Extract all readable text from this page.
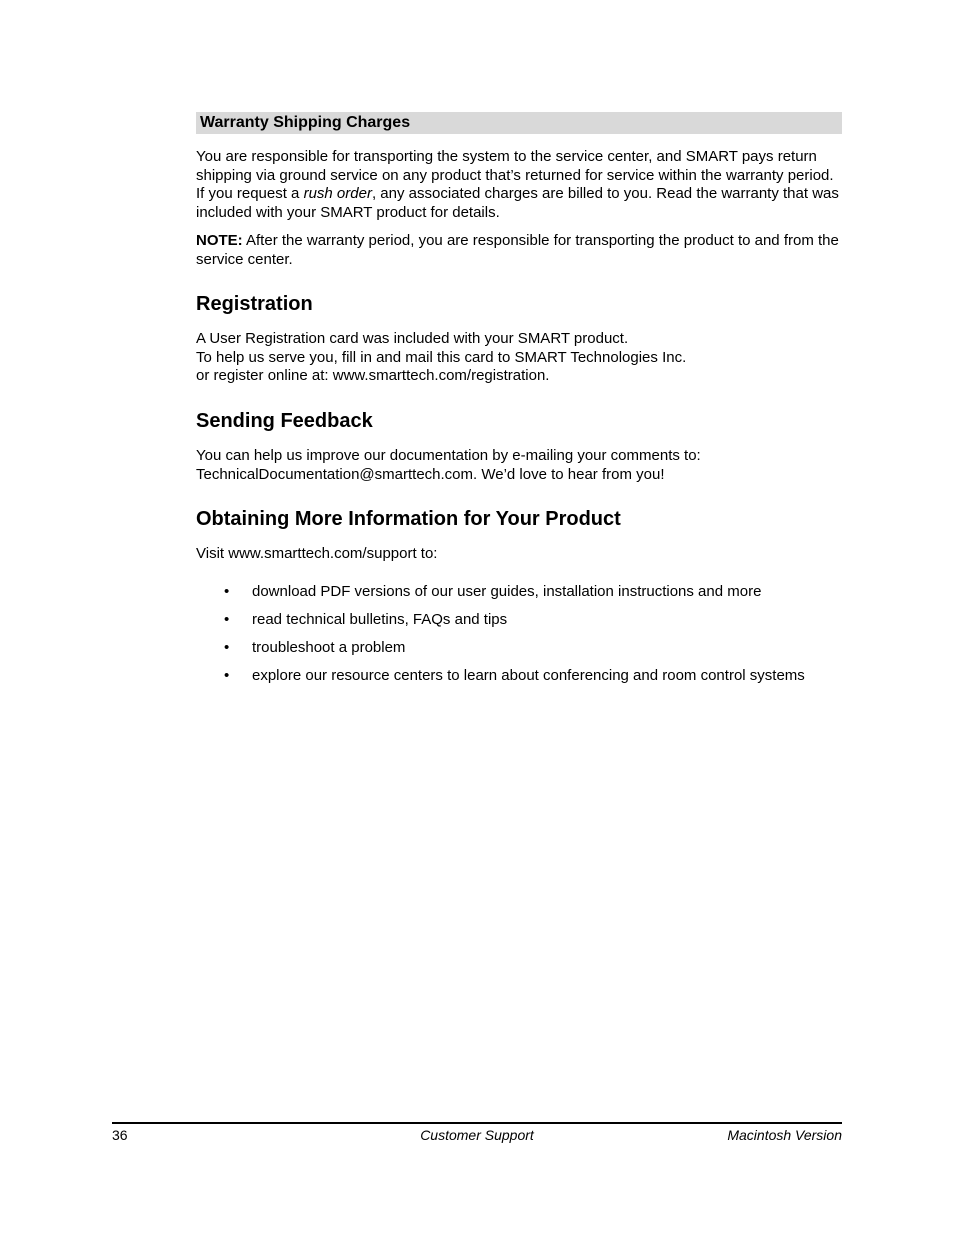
Warranty Shipping Charges

You are responsible for transporting the system to the service center, and SMART pays return shipping via ground service on any product that’s returned for service within the warranty period. If you request a rush order, any associated charges are billed to you. Read the warranty that was included with your SMART product for details.

NOTE: After the warranty period, you are responsible for transporting the product to and from the service center.

Registration

A User Registration card was included with your SMART product.
To help us serve you, fill in and mail this card to SMART Technologies Inc.
or register online at: www.smarttech.com/registration.

Sending Feedback

You can help us improve our documentation by e-mailing your comments to:
TechnicalDocumentation@smarttech.com. We’d love to hear from you!

Obtaining More Information for Your Product

Visit www.smarttech.com/support to:

• download PDF versions of our user guides, installation instructions and more
• read technical bulletins, FAQs and tips
• troubleshoot a problem
• explore our resource centers to learn about conferencing and room control systems
36	Customer Support	Macintosh Version
